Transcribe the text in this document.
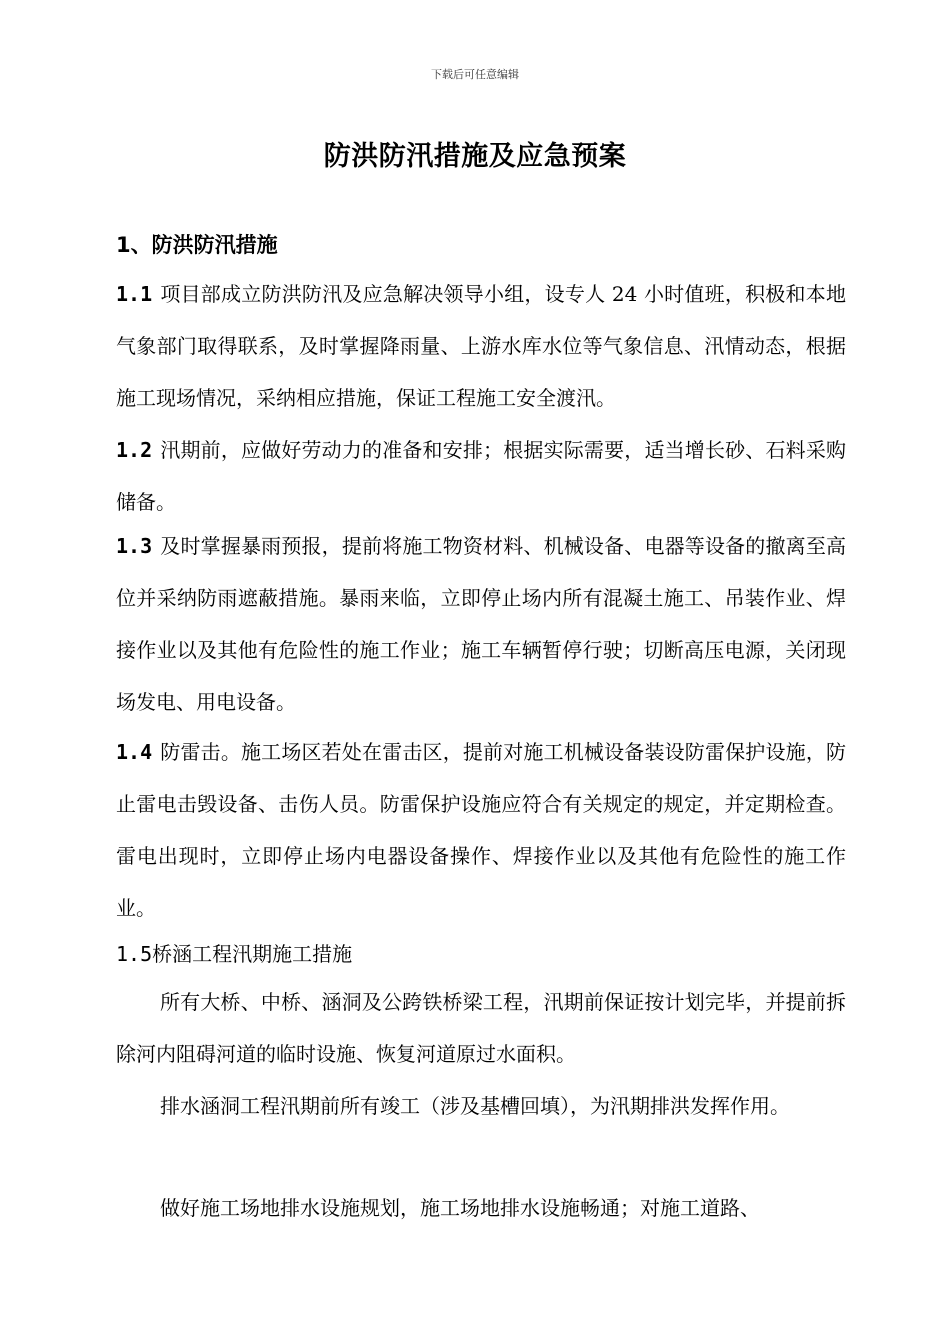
下载后可任意编辑
防洪防汛措施及应急预案
1、防洪防汛措施

1.1 项目部成立防洪防汛及应急解决领导小组，设专人 24 小时值班，积极和本地气象部门取得联系，及时掌握降雨量、上游水库水位等气象信息、汛情动态，根据施工现场情况，采纳相应措施，保证工程施工安全渡汛。

1.2 汛期前，应做好劳动力的准备和安排；根据实际需要，适当增长砂、石料采购储备。

1.3 及时掌握暴雨预报，提前将施工物资材料、机械设备、电器等设备的撤离至高位并采纳防雨遮蔽措施。暴雨来临，立即停止场内所有混凝土施工、吊装作业、焊接作业以及其他有危险性的施工作业；施工车辆暂停行驶；切断高压电源，关闭现场发电、用电设备。

1.4 防雷击。施工场区若处在雷击区，提前对施工机械设备装设防雷保护设施，防止雷电击毁设备、击伤人员。防雷保护设施应符合有关规定的规定，并定期检查。雷电出现时，立即停止场内电器设备操作、焊接作业以及其他有危险性的施工作业。

1.5桥涵工程汛期施工措施

所有大桥、中桥、涵洞及公跨铁桥梁工程，汛期前保证按计划完毕，并提前拆除河内阻碍河道的临时设施、恢复河道原过水面积。

排水涵洞工程汛期前所有竣工（涉及基槽回填），为汛期排洪发挥作用。

做好施工场地排水设施规划，施工场地排水设施畅通；对施工道路、
